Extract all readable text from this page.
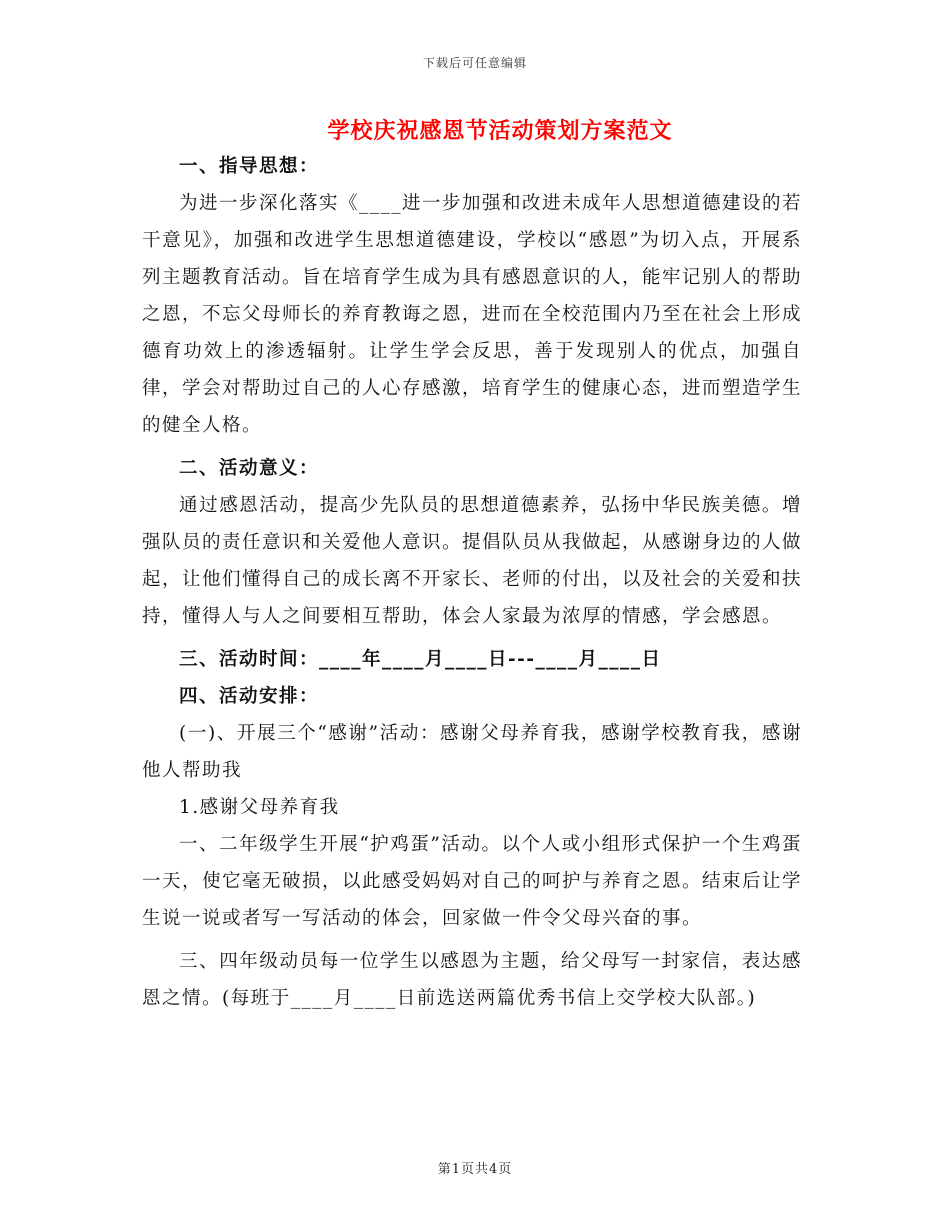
下载后可任意编辑
学校庆祝感恩节活动策划方案范文

一、指导思想：

为进一步深化落实《____进一步加强和改进未成年人思想道德建设的若干意见》，加强和改进学生思想道德建设，学校以“感恩”为切入点，开展系列主题教育活动。旨在培育学生成为具有感恩意识的人，能牢记别人的帮助之恩，不忘父母师长的养育教诲之恩，进而在全校范围内乃至在社会上形成德育功效上的渗透辐射。让学生学会反思，善于发现别人的优点，加强自律，学会对帮助过自己的人心存感激，培育学生的健康心态，进而塑造学生的健全人格。

二、活动意义：

通过感恩活动，提高少先队员的思想道德素养，弘扬中华民族美德。增强队员的责任意识和关爱他人意识。提倡队员从我做起，从感谢身边的人做起，让他们懂得自己的成长离不开家长、老师的付出，以及社会的关爱和扶持，懂得人与人之间要相互帮助，体会人家最为浓厚的情感，学会感恩。

三、活动时间：____年____月____日---____月____日

四、活动安排：

(一)、开展三个“感谢”活动：感谢父母养育我，感谢学校教育我，感谢他人帮助我

1.感谢父母养育我

一、二年级学生开展“护鸡蛋”活动。以个人或小组形式保护一个生鸡蛋一天，使它毫无破损，以此感受妈妈对自己的呵护与养育之恩。结束后让学生说一说或者写一写活动的体会，回家做一件令父母兴奋的事。

三、四年级动员每一位学生以感恩为主题，给父母写一封家信，表达感恩之情。(每班于____月____日前选送两篇优秀书信上交学校大队部。)

第1页共4页
